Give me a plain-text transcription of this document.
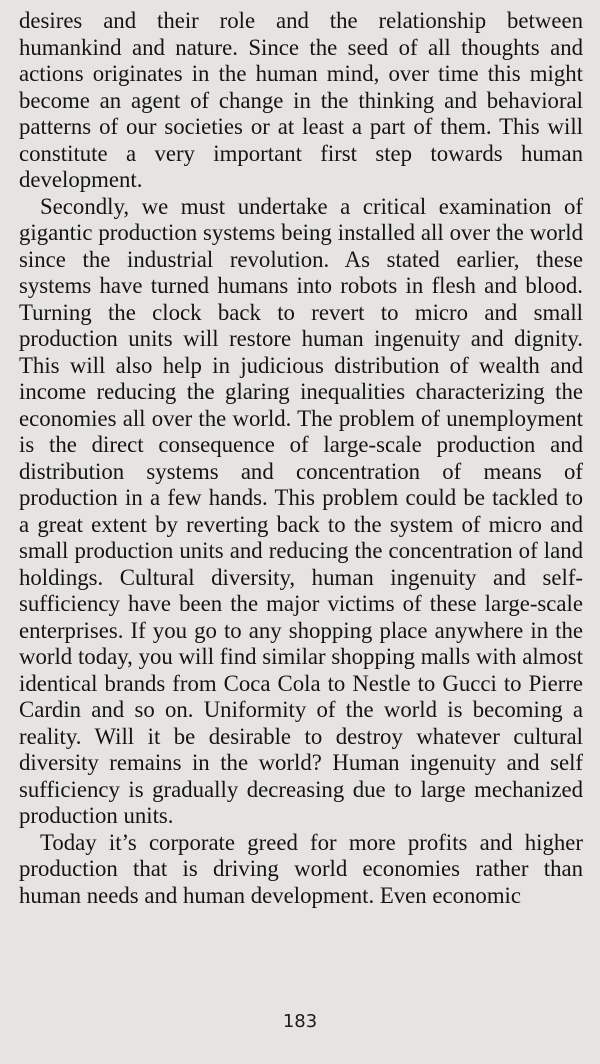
desires and their role and the relationship between humankind and nature. Since the seed of all thoughts and actions originates in the human mind, over time this might become an agent of change in the thinking and behavioral patterns of our societies or at least a part of them. This will constitute a very important first step towards human development.

Secondly, we must undertake a critical examination of gigantic production systems being installed all over the world since the industrial revolution. As stated earlier, these systems have turned humans into robots in flesh and blood. Turning the clock back to revert to micro and small production units will restore human ingenuity and dignity. This will also help in judicious distribution of wealth and income reducing the glaring inequalities characterizing the economies all over the world. The problem of unemployment is the direct consequence of large-scale production and distribution systems and concentration of means of production in a few hands. This problem could be tackled to a great extent by reverting back to the system of micro and small production units and reducing the concentration of land holdings. Cultural diversity, human ingenuity and self-sufficiency have been the major victims of these large-scale enterprises. If you go to any shopping place anywhere in the world today, you will find similar shopping malls with almost identical brands from Coca Cola to Nestle to Gucci to Pierre Cardin and so on. Uniformity of the world is becoming a reality. Will it be desirable to destroy whatever cultural diversity remains in the world? Human ingenuity and self sufficiency is gradually decreasing due to large mechanized production units.

Today it’s corporate greed for more profits and higher production that is driving world economies rather than human needs and human development. Even economic

183
